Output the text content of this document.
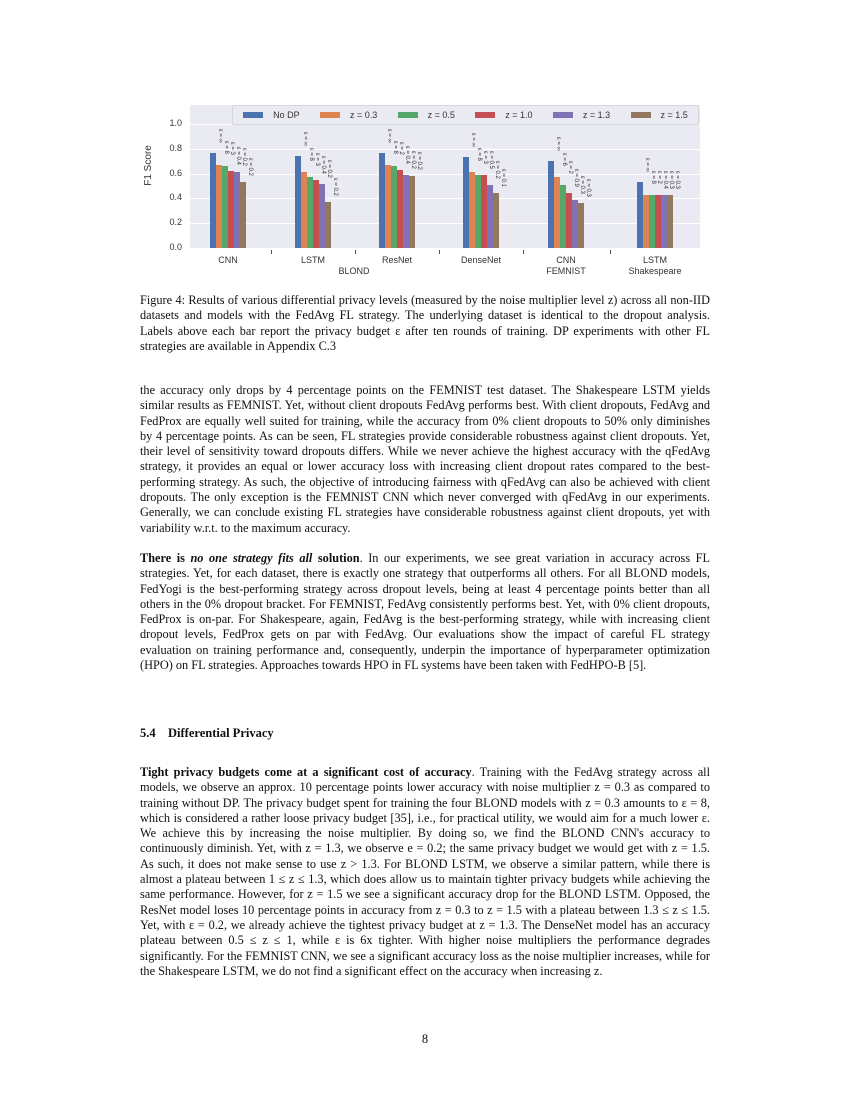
F1 Score
0.0
0.2
0.4
0.6
0.8
1.0
ε = ∞
ε = 8 ε = 3 ε = 0.4 ε = 0.2
ε = 0.2
ε = ∞
ε = 8 ε = 3 ε = 0.4 ε = 0.2
ε = 0.2
ε = ∞
ε = 8 ε = 2 ε = 0.4 ε = 0.2 ε = 0.2
ε = ∞
ε = 8 ε = 3 ε = 0.5
ε = 0.2 ε = 0.1
ε = ∞
ε = 6
ε = 2
ε = 0.9 ε = 0.3 ε = 0.3
ε = ∞
ε = 8 ε = 2 ε = 0.4 ε = 0.3 ε = 0.3
No DP	z = 0.3	z = 0.5	z = 1.0	z = 1.3	z = 1.5
CNN	LSTM	ResNet	DenseNet	CNN
FEMNIST
LSTM
Shakespeare
BLOND
Figure 4: Results of various differential privacy levels (measured by the noise multiplier level z) across all non-IID datasets and models with the FedAvg FL strategy. The underlying dataset is identical to the dropout analysis. Labels above each bar report the privacy budget ε after ten rounds of training. DP experiments with other FL strategies are available in Appendix C.3

the accuracy only drops by 4 percentage points on the FEMNIST test dataset. The Shakespeare LSTM yields similar results as FEMNIST. Yet, without client dropouts FedAvg performs best. With client dropouts, FedAvg and FedProx are equally well suited for training, while the accuracy from 0% client dropouts to 50% only diminishes by 4 percentage points. As can be seen, FL strategies provide considerable robustness against client dropouts. Yet, their level of sensitivity toward dropouts differs. While we never achieve the highest accuracy with the qFedAvg strategy, it provides an equal or lower accuracy loss with increasing client dropout rates compared to the best-performing strategy. As such, the objective of introducing fairness with qFedAvg can also be achieved with client dropouts. The only exception is the FEMNIST CNN which never converged with qFedAvg in our experiments. Generally, we can conclude existing FL strategies have considerable robustness against client dropouts, yet with variability w.r.t. to the maximum accuracy.

There is no one strategy fits all solution. In our experiments, we see great variation in accuracy across FL strategies. Yet, for each dataset, there is exactly one strategy that outperforms all others. For all BLOND models, FedYogi is the best-performing strategy across dropout levels, being at least 4 percentage points better than all others in the 0% dropout bracket. For FEMNIST, FedAvg consistently performs best. Yet, with 0% client dropouts, FedProx is on-par. For Shakespeare, again, FedAvg is the best-performing strategy, while with increasing client dropout levels, FedProx gets on par with FedAvg. Our evaluations show the impact of careful FL strategy evaluation on training performance and, consequently, underpin the importance of hyperparameter optimization (HPO) on FL strategies. Approaches towards HPO in FL systems have been taken with FedHPO-B [5].

5.4 Differential Privacy

Tight privacy budgets come at a significant cost of accuracy. Training with the FedAvg strategy across all models, we observe an approx. 10 percentage points lower accuracy with noise multiplier z = 0.3 as compared to training without DP. The privacy budget spent for training the four BLOND models with z = 0.3 amounts to ε = 8, which is considered a rather loose privacy budget [35], i.e., for practical utility, we would aim for a much lower ε. We achieve this by increasing the noise multiplier. By doing so, we find the BLOND CNN's accuracy to continuously diminish. Yet, with z = 1.3, we observe e = 0.2; the same privacy budget we would get with z = 1.5. As such, it does not make sense to use z > 1.3. For BLOND LSTM, we observe a similar pattern, while there is almost a plateau between 1 ≤ z ≤ 1.3, which does allow us to maintain tighter privacy budgets while achieving the same performance. However, for z = 1.5 we see a significant accuracy drop for the BLOND LSTM. Opposed, the ResNet model loses 10 percentage points in accuracy from z = 0.3 to z = 1.5 with a plateau between 1.3 ≤ z ≤ 1.5. Yet, with ε = 0.2, we already achieve the tightest privacy budget at z = 1.3. The DenseNet model has an accuracy plateau between 0.5 ≤ z ≤ 1, while ε is 6x tighter. With higher noise multipliers the performance degrades significantly. For the FEMNIST CNN, we see a significant accuracy loss as the noise multiplier increases, while for the Shakespeare LSTM, we do not find a significant effect on the accuracy when increasing z.

8
